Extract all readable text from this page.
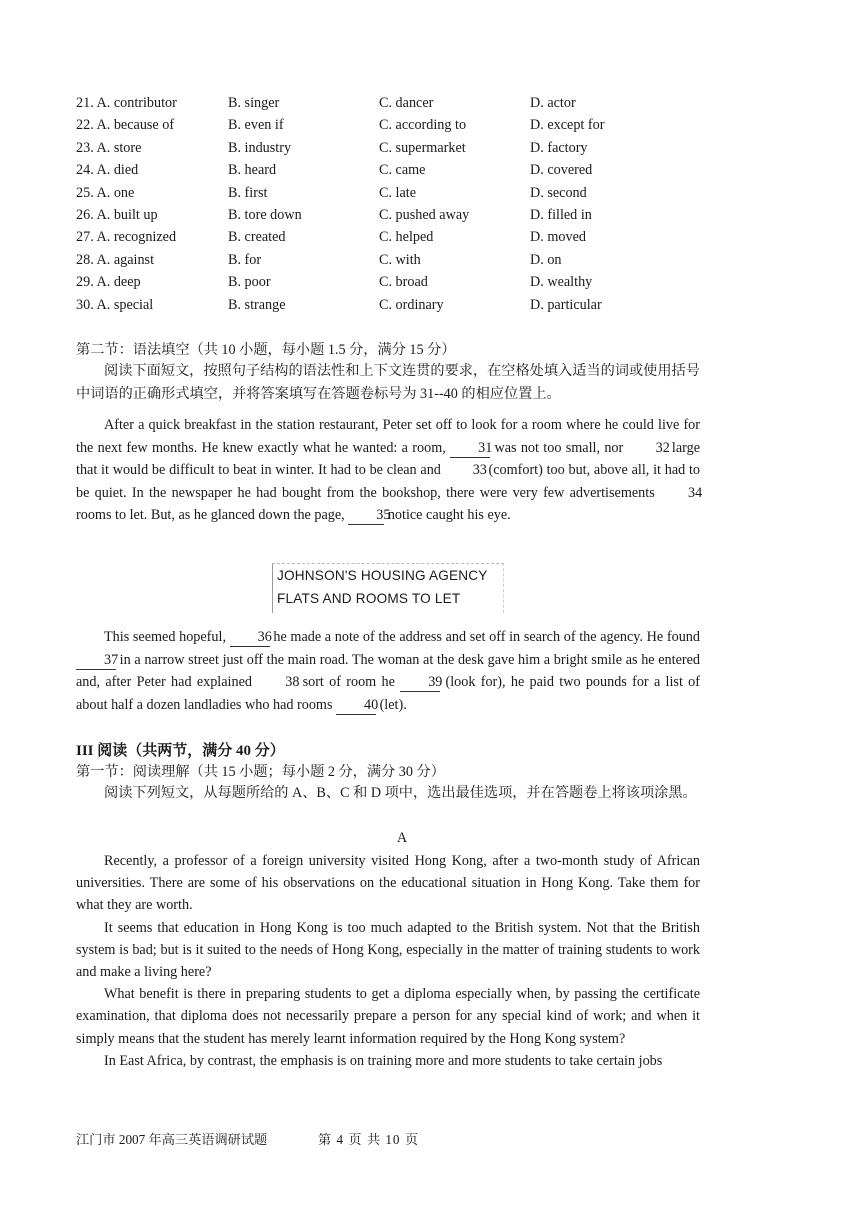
21. A. contributor	B. singer	C. dancer	D. actor
22. A. because of	B. even if	C. according to	D. except for
23. A. store	B. industry	C. supermarket	D. factory
24. A. died	B. heard	C. came	D. covered
25. A. one	B. first	C. late	D. second
26. A. built up	B. tore down	C. pushed away	D. filled in
27. A. recognized	B. created	C. helped	D. moved
28. A. against	B. for	C. with	D. on
29. A. deep	B. poor	C. broad	D. wealthy
30. A. special	B. strange	C. ordinary	D. particular
第二节：语法填空（共 10 小题，每小题 1.5 分，满分 15 分）
阅读下面短文，按照句子结构的语法性和上下文连贯的要求，在空格处填入适当的词或使用括号中词语的正确形式填空，并将答案填写在答题卷标号为 31--40 的相应位置上。

After a quick breakfast in the station restaurant, Peter set off to look for a room where he could live for the next few months. He knew exactly what he wanted: a room, 31 was not too small, nor 32 large that it would be difficult to beat in winter. It had to be clean and 33 (comfort) too but, above all, it had to be quiet. In the newspaper he had bought from the bookshop, there were very few advertisements 34 rooms to let. But, as he glanced down the page, 35 notice caught his eye.

JOHNSON'S HOUSING AGENCY
FLATS AND ROOMS TO LET

This seemed hopeful, 36 he made a note of the address and set off in search of the agency. He found 37 in a narrow street just off the main road. The woman at the desk gave him a bright smile as he entered and, after Peter had explained 38 sort of room he 39 (look for), he paid two pounds for a list of about half a dozen landladies who had rooms 40 (let).

III 阅读（共两节，满分 40 分）
第一节：阅读理解（共 15 小题；每小题 2 分，满分 30 分）
阅读下列短文，从每题所给的 A、B、C 和 D 项中，选出最佳选项，并在答题卷上将该项涂黑。
A

Recently, a professor of a foreign university visited Hong Kong, after a two-month study of African universities. There are some of his observations on the educational situation in Hong Kong. Take them for what they are worth.

It seems that education in Hong Kong is too much adapted to the British system. Not that the British system is bad; but is it suited to the needs of Hong Kong, especially in the matter of training students to work and make a living here?

What benefit is there in preparing students to get a diploma especially when, by passing the certificate examination, that diploma does not necessarily prepare a person for any special kind of work; and when it simply means that the student has merely learnt information required by the Hong Kong system?

In East Africa, by contrast, the emphasis is on training more and more students to take certain jobs

江门市 2007 年高三英语调研试题	第 4 页 共 10 页
